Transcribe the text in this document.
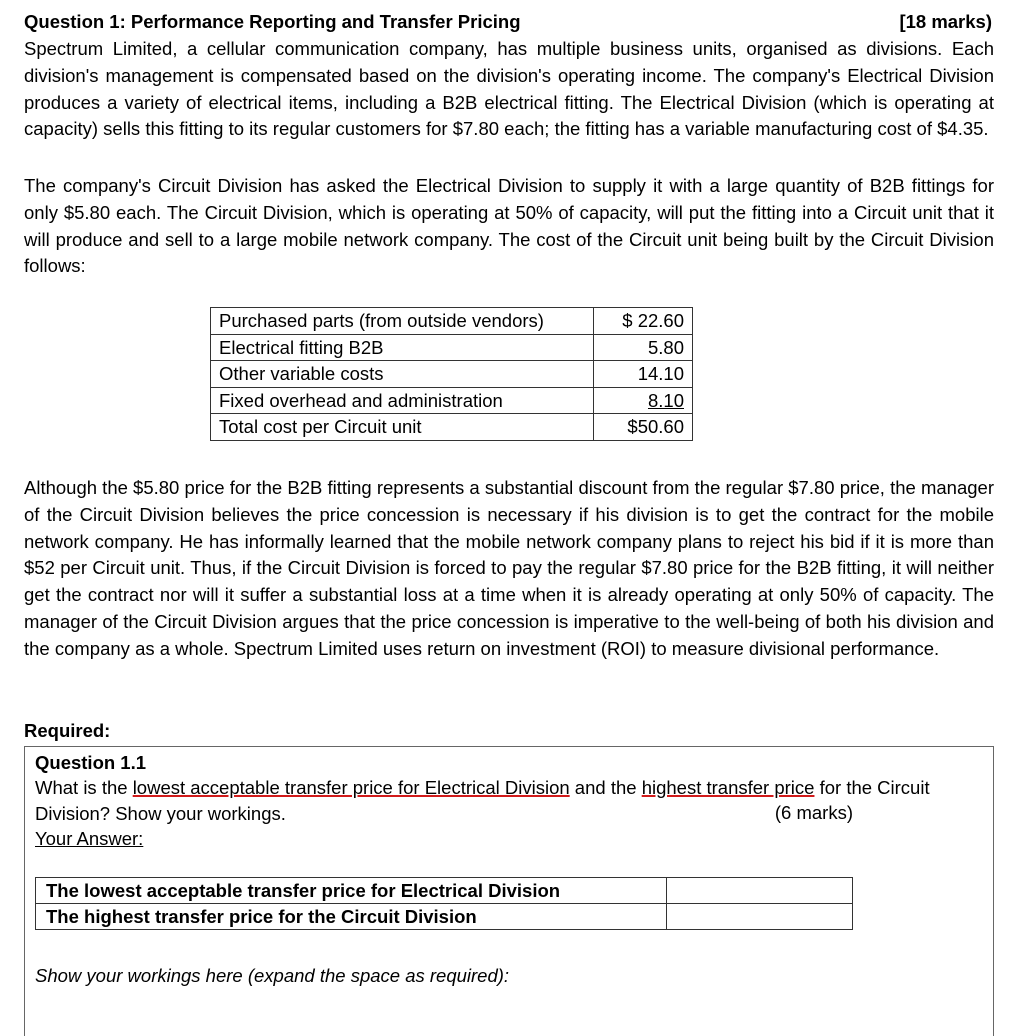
Question 1: Performance Reporting and Transfer Pricing	[18 marks)
Spectrum Limited, a cellular communication company, has multiple business units, organised as divisions. Each division's management is compensated based on the division's operating income. The company's Electrical Division produces a variety of electrical items, including a B2B electrical fitting. The Electrical Division (which is operating at capacity) sells this fitting to its regular customers for $7.80 each; the fitting has a variable manufacturing cost of $4.35.
The company's Circuit Division has asked the Electrical Division to supply it with a large quantity of B2B fittings for only $5.80 each. The Circuit Division, which is operating at 50% of capacity, will put the fitting into a Circuit unit that it will produce and sell to a large mobile network company. The cost of the Circuit unit being built by the Circuit Division follows:
Purchased parts (from outside vendors)	$ 22.60
Electrical fitting B2B	5.80
Other variable costs	14.10
Fixed overhead and administration	8.10
Total cost per Circuit unit	$50.60
Although the $5.80 price for the B2B fitting represents a substantial discount from the regular $7.80 price, the manager of the Circuit Division believes the price concession is necessary if his division is to get the contract for the mobile network company. He has informally learned that the mobile network company plans to reject his bid if it is more than $52 per Circuit unit. Thus, if the Circuit Division is forced to pay the regular $7.80 price for the B2B fitting, it will neither get the contract nor will it suffer a substantial loss at a time when it is already operating at only 50% of capacity. The manager of the Circuit Division argues that the price concession is imperative to the well-being of both his division and the company as a whole. Spectrum Limited uses return on investment (ROI) to measure divisional performance.
Required:
Question 1.1
What is the lowest acceptable transfer price for Electrical Division and the highest transfer price for the Circuit Division? Show your workings.	(6 marks)
Your Answer:
The lowest acceptable transfer price for Electrical Division	
The highest transfer price for the Circuit Division	
Show your workings here (expand the space as required):
